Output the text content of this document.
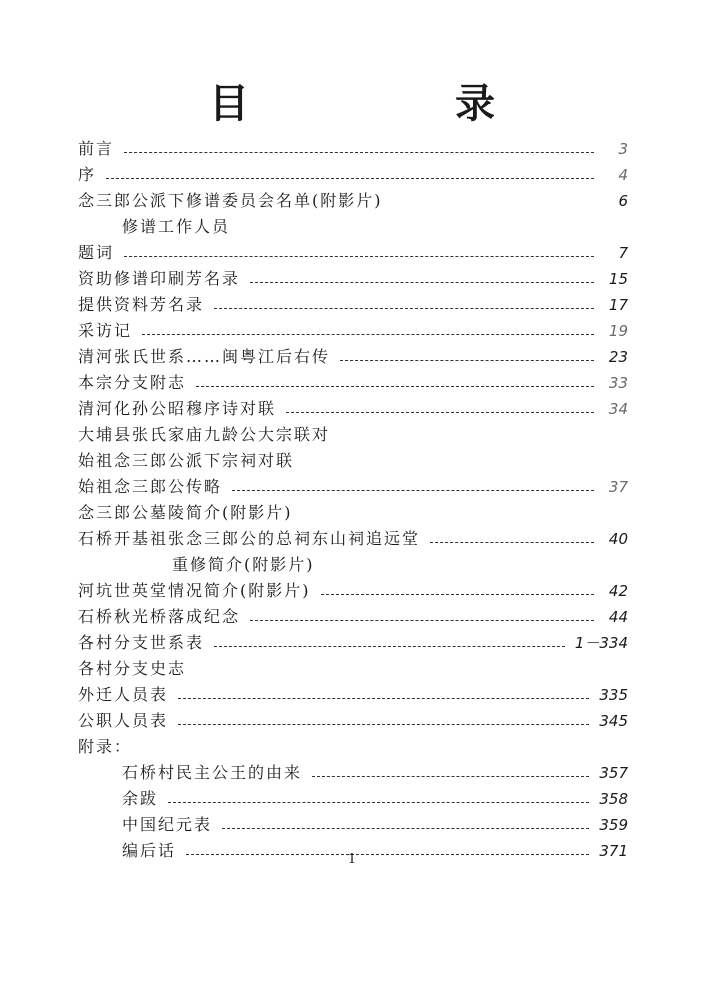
目 录
前言	3
序	4
念三郎公派下修谱委员会名单(附影片)	6
修谱工作人员
题词	7
资助修谱印刷芳名录	15
提供资料芳名录	17
采访记	19
清河张氏世系……闽粤江后右传	23
本宗分支附志	33
清河化孙公昭穆序诗对联	34
大埔县张氏家庙九龄公大宗联对
始祖念三郎公派下宗祠对联
始祖念三郎公传略	37
念三郎公墓陵简介(附影片)
石桥开基祖张念三郎公的总祠东山祠追远堂	40
重修简介(附影片)
河坑世英堂情况简介(附影片)	42
石桥秋光桥落成纪念	44
各村分支世系表	1－334
各村分支史志
外迁人员表	335
公职人员表	345
附录：
石桥村民主公王的由来	357
余跋	358
中国纪元表	359
编后话	371
1
